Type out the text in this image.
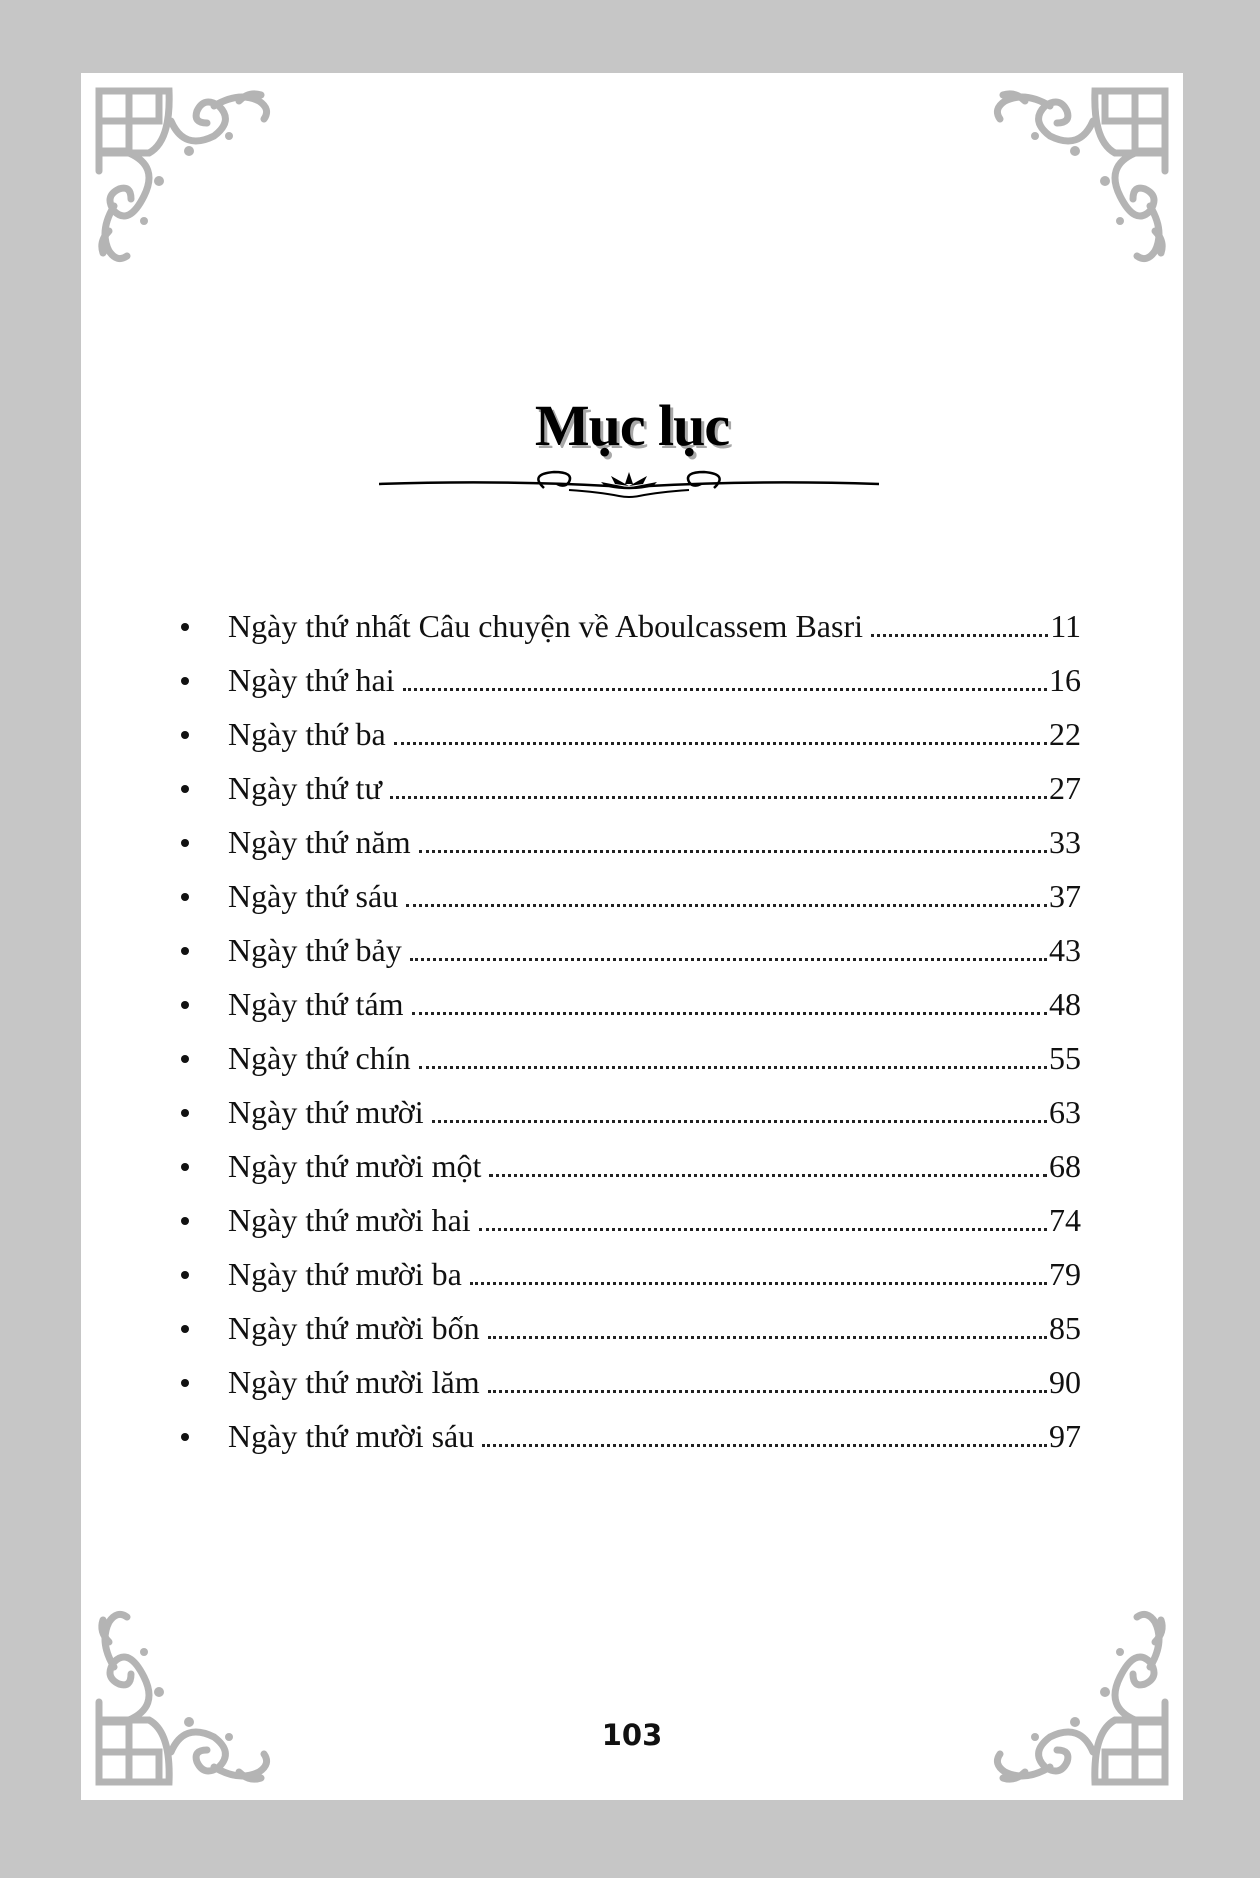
Mục lục
Ngày thứ nhất Câu chuyện về Aboulcassem Basri	11
Ngày thứ hai	16
Ngày thứ ba	22
Ngày thứ tư	27
Ngày thứ năm	33
Ngày thứ sáu	37
Ngày thứ bảy	43
Ngày thứ tám	48
Ngày thứ chín	55
Ngày thứ mười	63
Ngày thứ mười một	68
Ngày thứ mười hai	74
Ngày thứ mười ba	79
Ngày thứ mười bốn	85
Ngày thứ mười lăm	90
Ngày thứ mười sáu	97
103
